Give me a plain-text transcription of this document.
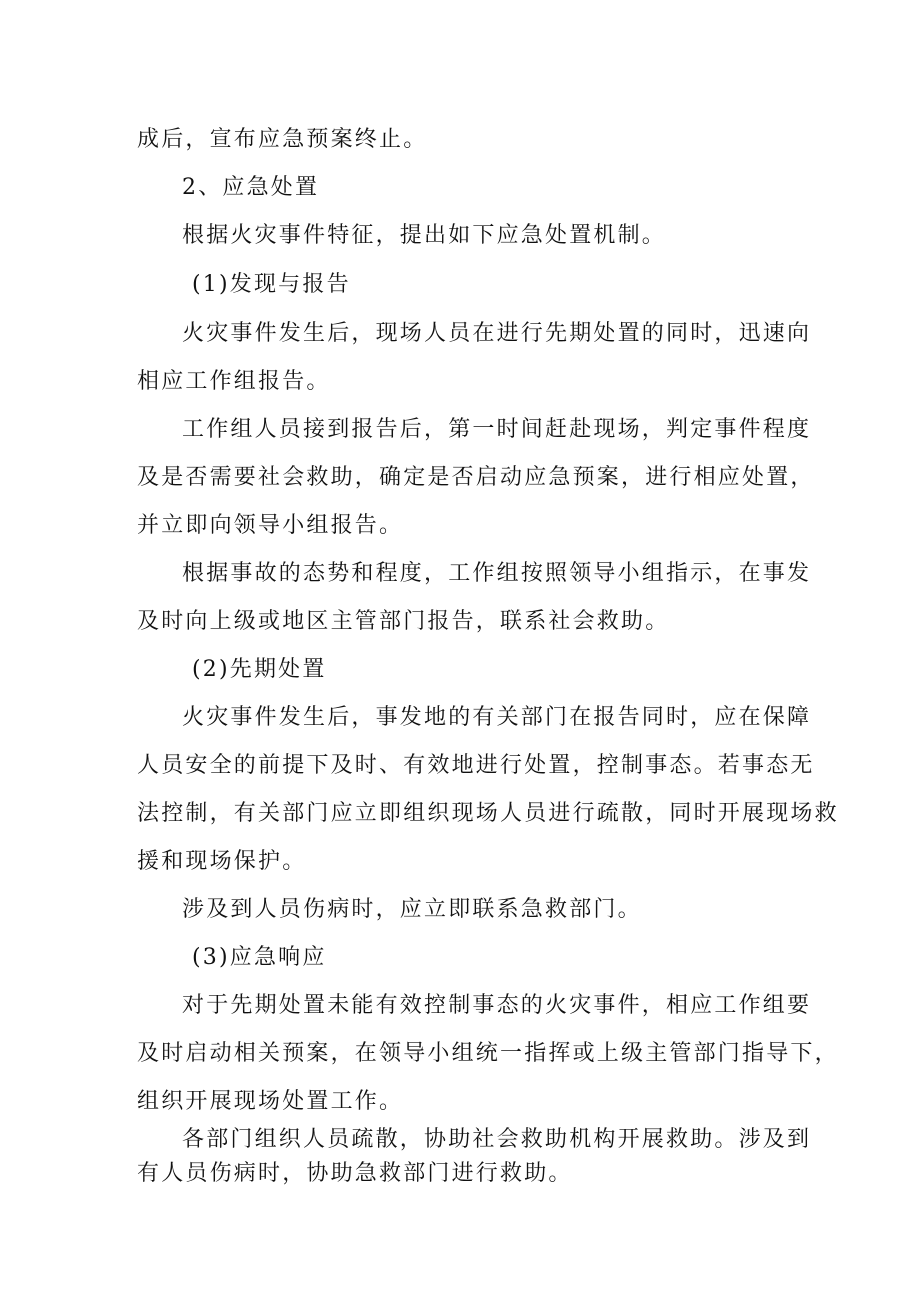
成后，宣布应急预案终止。
2、应急处置
根据火灾事件特征，提出如下应急处置机制。
(1)发现与报告
火灾事件发生后，现场人员在进行先期处置的同时，迅速向
相应工作组报告。
工作组人员接到报告后，第一时间赶赴现场，判定事件程度
及是否需要社会救助，确定是否启动应急预案，进行相应处置，
并立即向领导小组报告。
根据事故的态势和程度，工作组按照领导小组指示，在事发
及时向上级或地区主管部门报告，联系社会救助。
(2)先期处置
火灾事件发生后，事发地的有关部门在报告同时，应在保障
人员安全的前提下及时、有效地进行处置，控制事态。若事态无
法控制，有关部门应立即组织现场人员进行疏散，同时开展现场救
援和现场保护。
涉及到人员伤病时，应立即联系急救部门。
(3)应急响应
对于先期处置未能有效控制事态的火灾事件，相应工作组要
及时启动相关预案，在领导小组统一指挥或上级主管部门指导下，
组织开展现场处置工作。
各部门组织人员疏散，协助社会救助机构开展救助。涉及到
有人员伤病时，协助急救部门进行救助。
